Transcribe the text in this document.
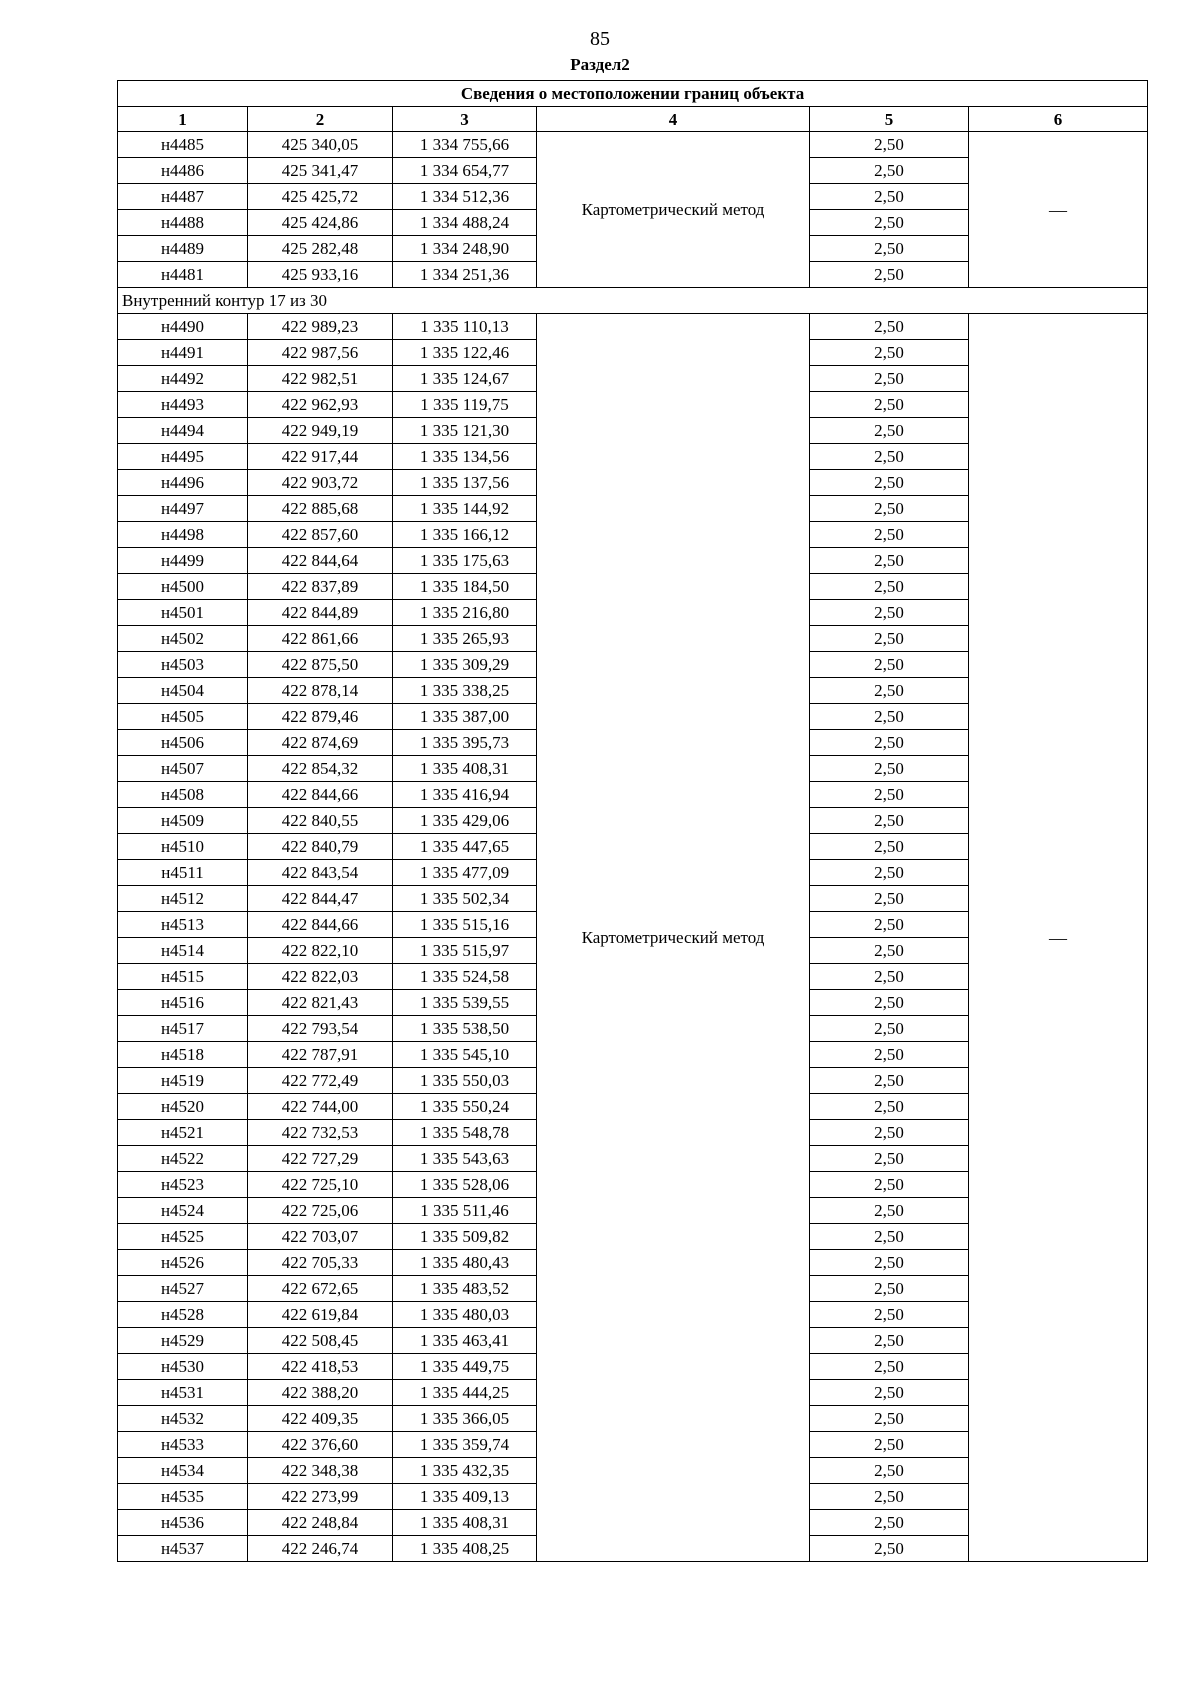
85
Раздел2
Сведения о местоположении границ объекта					
1	2	3	4	5	6
н4485	425 340,05	1 334 755,66	Картометрический метод	2,50	—
н4486	425 341,47	1 334 654,77		2,50	
н4487	425 425,72	1 334 512,36		2,50	
н4488	425 424,86	1 334 488,24		2,50	
н4489	425 282,48	1 334 248,90		2,50	
н4481	425 933,16	1 334 251,36		2,50	
Внутренний контур 17 из 30					
н4490	422 989,23	1 335 110,13	Картометрический метод	2,50	—
н4491	422 987,56	1 335 122,46		2,50	
н4492	422 982,51	1 335 124,67		2,50	
н4493	422 962,93	1 335 119,75		2,50	
н4494	422 949,19	1 335 121,30		2,50	
н4495	422 917,44	1 335 134,56		2,50	
н4496	422 903,72	1 335 137,56		2,50	
н4497	422 885,68	1 335 144,92		2,50	
н4498	422 857,60	1 335 166,12		2,50	
н4499	422 844,64	1 335 175,63		2,50	
н4500	422 837,89	1 335 184,50		2,50	
н4501	422 844,89	1 335 216,80		2,50	
н4502	422 861,66	1 335 265,93		2,50	
н4503	422 875,50	1 335 309,29		2,50	
н4504	422 878,14	1 335 338,25		2,50	
н4505	422 879,46	1 335 387,00		2,50	
н4506	422 874,69	1 335 395,73		2,50	
н4507	422 854,32	1 335 408,31		2,50	
н4508	422 844,66	1 335 416,94		2,50	
н4509	422 840,55	1 335 429,06		2,50	
н4510	422 840,79	1 335 447,65		2,50	
н4511	422 843,54	1 335 477,09		2,50	
н4512	422 844,47	1 335 502,34		2,50	
н4513	422 844,66	1 335 515,16		2,50	
н4514	422 822,10	1 335 515,97		2,50	
н4515	422 822,03	1 335 524,58		2,50	
н4516	422 821,43	1 335 539,55		2,50	
н4517	422 793,54	1 335 538,50		2,50	
н4518	422 787,91	1 335 545,10		2,50	
н4519	422 772,49	1 335 550,03		2,50	
н4520	422 744,00	1 335 550,24		2,50	
н4521	422 732,53	1 335 548,78		2,50	
н4522	422 727,29	1 335 543,63		2,50	
н4523	422 725,10	1 335 528,06		2,50	
н4524	422 725,06	1 335 511,46		2,50	
н4525	422 703,07	1 335 509,82		2,50	
н4526	422 705,33	1 335 480,43		2,50	
н4527	422 672,65	1 335 483,52		2,50	
н4528	422 619,84	1 335 480,03		2,50	
н4529	422 508,45	1 335 463,41		2,50	
н4530	422 418,53	1 335 449,75		2,50	
н4531	422 388,20	1 335 444,25		2,50	
н4532	422 409,35	1 335 366,05		2,50	
н4533	422 376,60	1 335 359,74		2,50	
н4534	422 348,38	1 335 432,35		2,50	
н4535	422 273,99	1 335 409,13		2,50	
н4536	422 248,84	1 335 408,31		2,50	
н4537	422 246,74	1 335 408,25		2,50	
